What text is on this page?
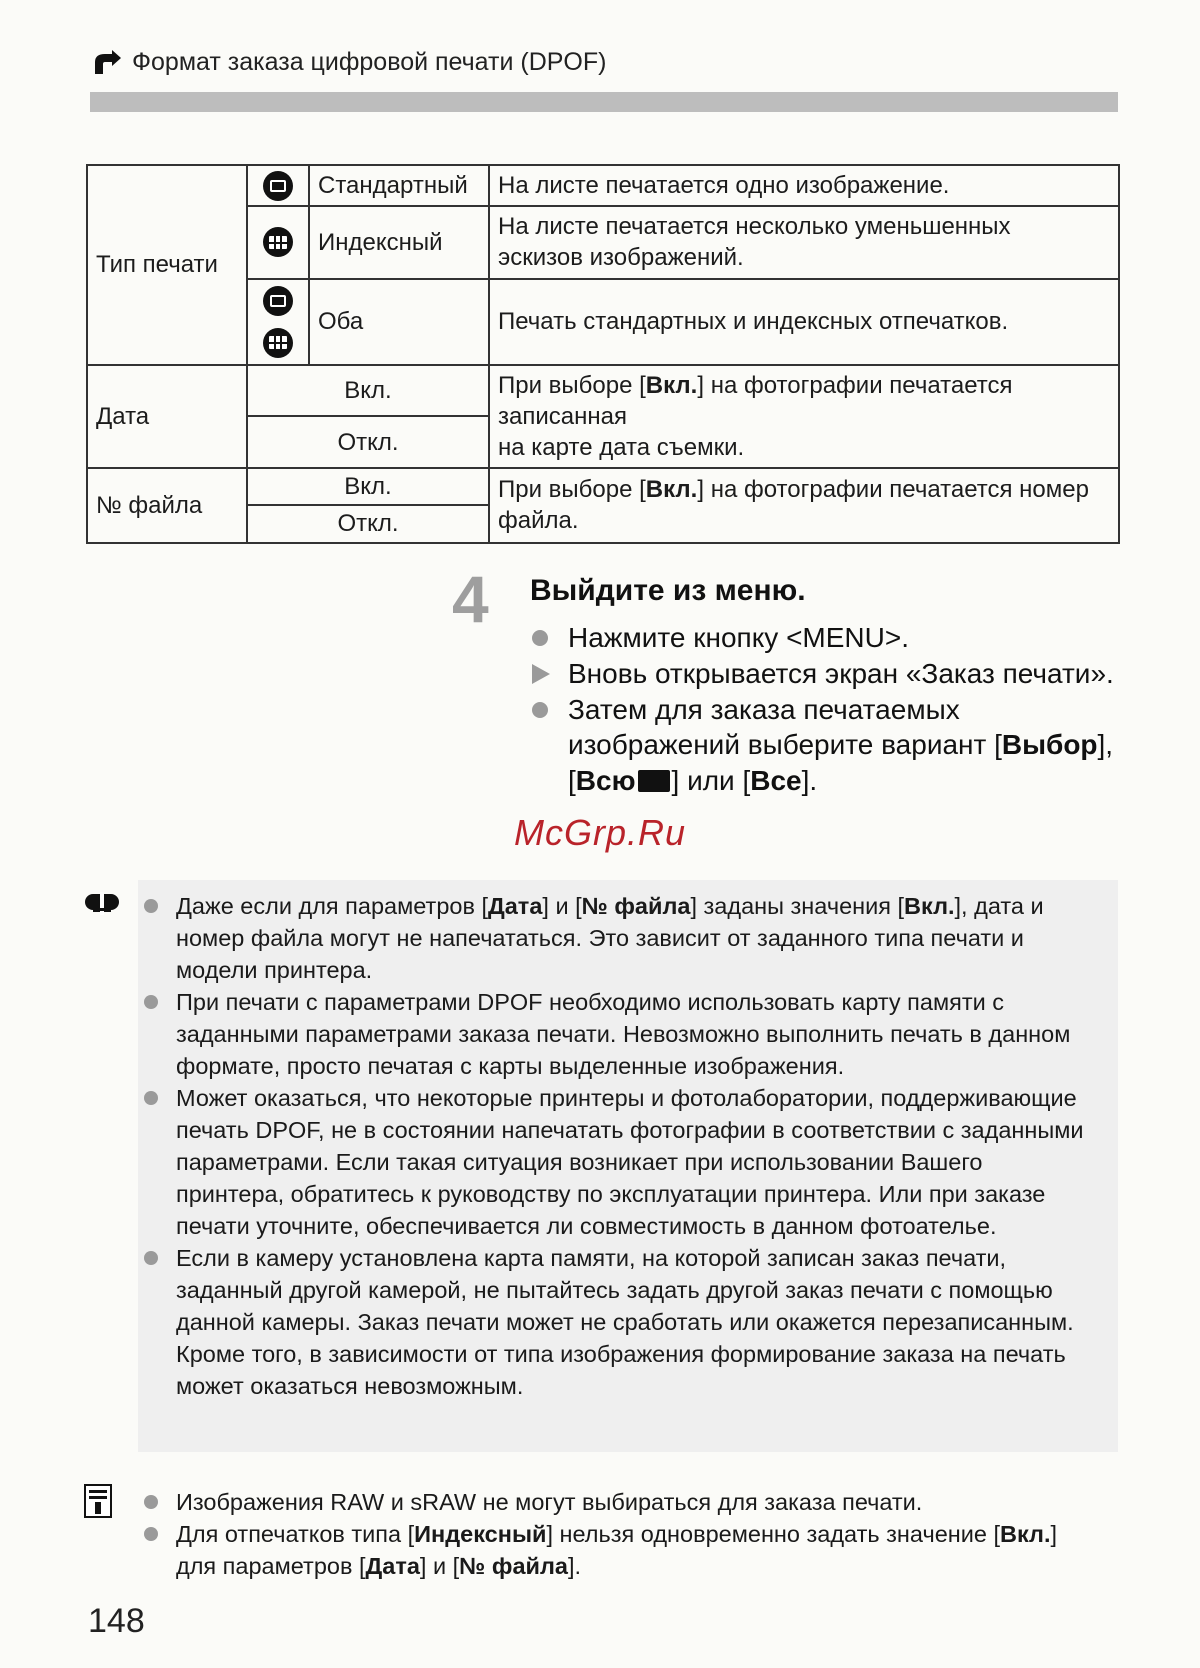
Формат заказа цифровой печати (DPOF)
Тип печати		Стандартный	На листе печатается одно изображение.

		Индексный	На листе печатается несколько уменьшенных
эскизов изображений.

		Оба	Печать стандартных и индексных отпечатков.
Дата	Вкл.		При выборе [Вкл.] на фотографии печатается записанная
на карте дата съемки.
	Откл.		
№ файла	Вкл.		При выборе [Вкл.] на фотографии печатается номер файла.
	Откл.		
4 Выйдите из меню.
Нажмите кнопку <MENU>.
Вновь открывается экран «Заказ печати».
Затем для заказа печатаемых изображений выберите вариант [Выбор], [Всю ] или [Все].
McGrp.Ru
Даже если для параметров [Дата] и [№ файла] заданы значения [Вкл.], дата и номер файла могут не напечататься. Это зависит от заданного типа печати и модели принтера.
При печати с параметрами DPOF необходимо использовать карту памяти с заданными параметрами заказа печати. Невозможно выполнить печать в данном формате, просто печатая с карты выделенные изображения.
Может оказаться, что некоторые принтеры и фотолаборатории, поддерживающие печать DPOF, не в состоянии напечатать фотографии в соответствии с заданными параметрами. Если такая ситуация возникает при использовании Вашего принтера, обратитесь к руководству по эксплуатации принтера. Или при заказе печати уточните, обеспечивается ли совместимость в данном фотоателье.
Если в камеру установлена карта памяти, на которой записан заказ печати, заданный другой камерой, не пытайтесь задать другой заказ печати с помощью данной камеры. Заказ печати может не сработать или окажется перезаписанным. Кроме того, в зависимости от типа изображения формирование заказа на печать может оказаться невозможным.
Изображения RAW и sRAW не могут выбираться для заказа печати.
Для отпечатков типа [Индексный] нельзя одновременно задать значение [Вкл.] для параметров [Дата] и [№ файла].
148
